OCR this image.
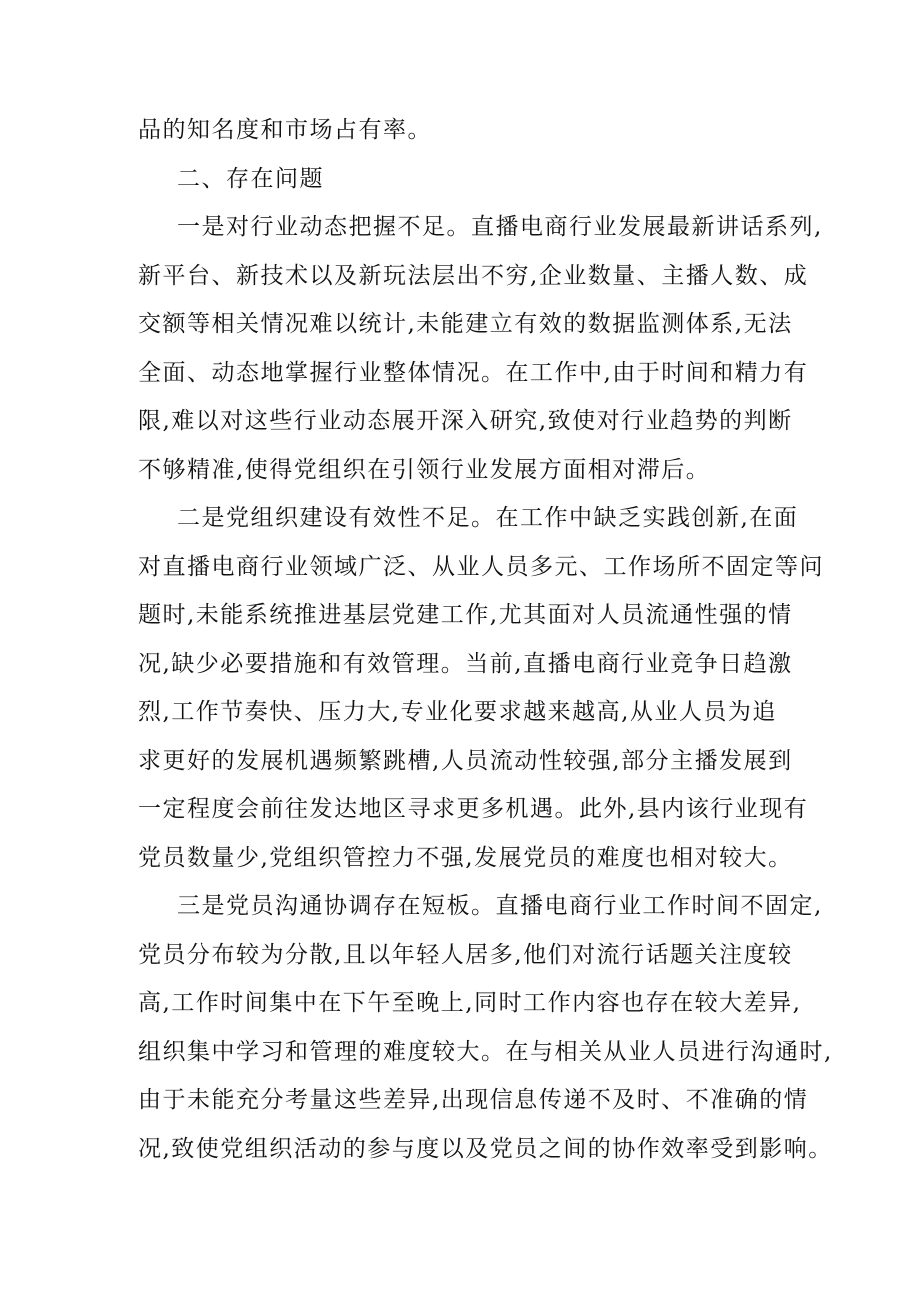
品的知名度和市场占有率。
二、存在问题
一是对行业动态把握不足。直播电商行业发展最新讲话系列,
新平台、新技术以及新玩法层出不穷,企业数量、主播人数、成
交额等相关情况难以统计,未能建立有效的数据监测体系,无法
全面、动态地掌握行业整体情况。在工作中,由于时间和精力有
限,难以对这些行业动态展开深入研究,致使对行业趋势的判断
不够精准,使得党组织在引领行业发展方面相对滞后。
二是党组织建设有效性不足。在工作中缺乏实践创新,在面
对直播电商行业领域广泛、从业人员多元、工作场所不固定等问
题时,未能系统推进基层党建工作,尤其面对人员流通性强的情
况,缺少必要措施和有效管理。当前,直播电商行业竞争日趋激
烈,工作节奏快、压力大,专业化要求越来越高,从业人员为追
求更好的发展机遇频繁跳槽,人员流动性较强,部分主播发展到
一定程度会前往发达地区寻求更多机遇。此外,县内该行业现有
党员数量少,党组织管控力不强,发展党员的难度也相对较大。
三是党员沟通协调存在短板。直播电商行业工作时间不固定,
党员分布较为分散,且以年轻人居多,他们对流行话题关注度较
高,工作时间集中在下午至晚上,同时工作内容也存在较大差异,
组织集中学习和管理的难度较大。在与相关从业人员进行沟通时,
由于未能充分考量这些差异,出现信息传递不及时、不准确的情
况,致使党组织活动的参与度以及党员之间的协作效率受到影响。
